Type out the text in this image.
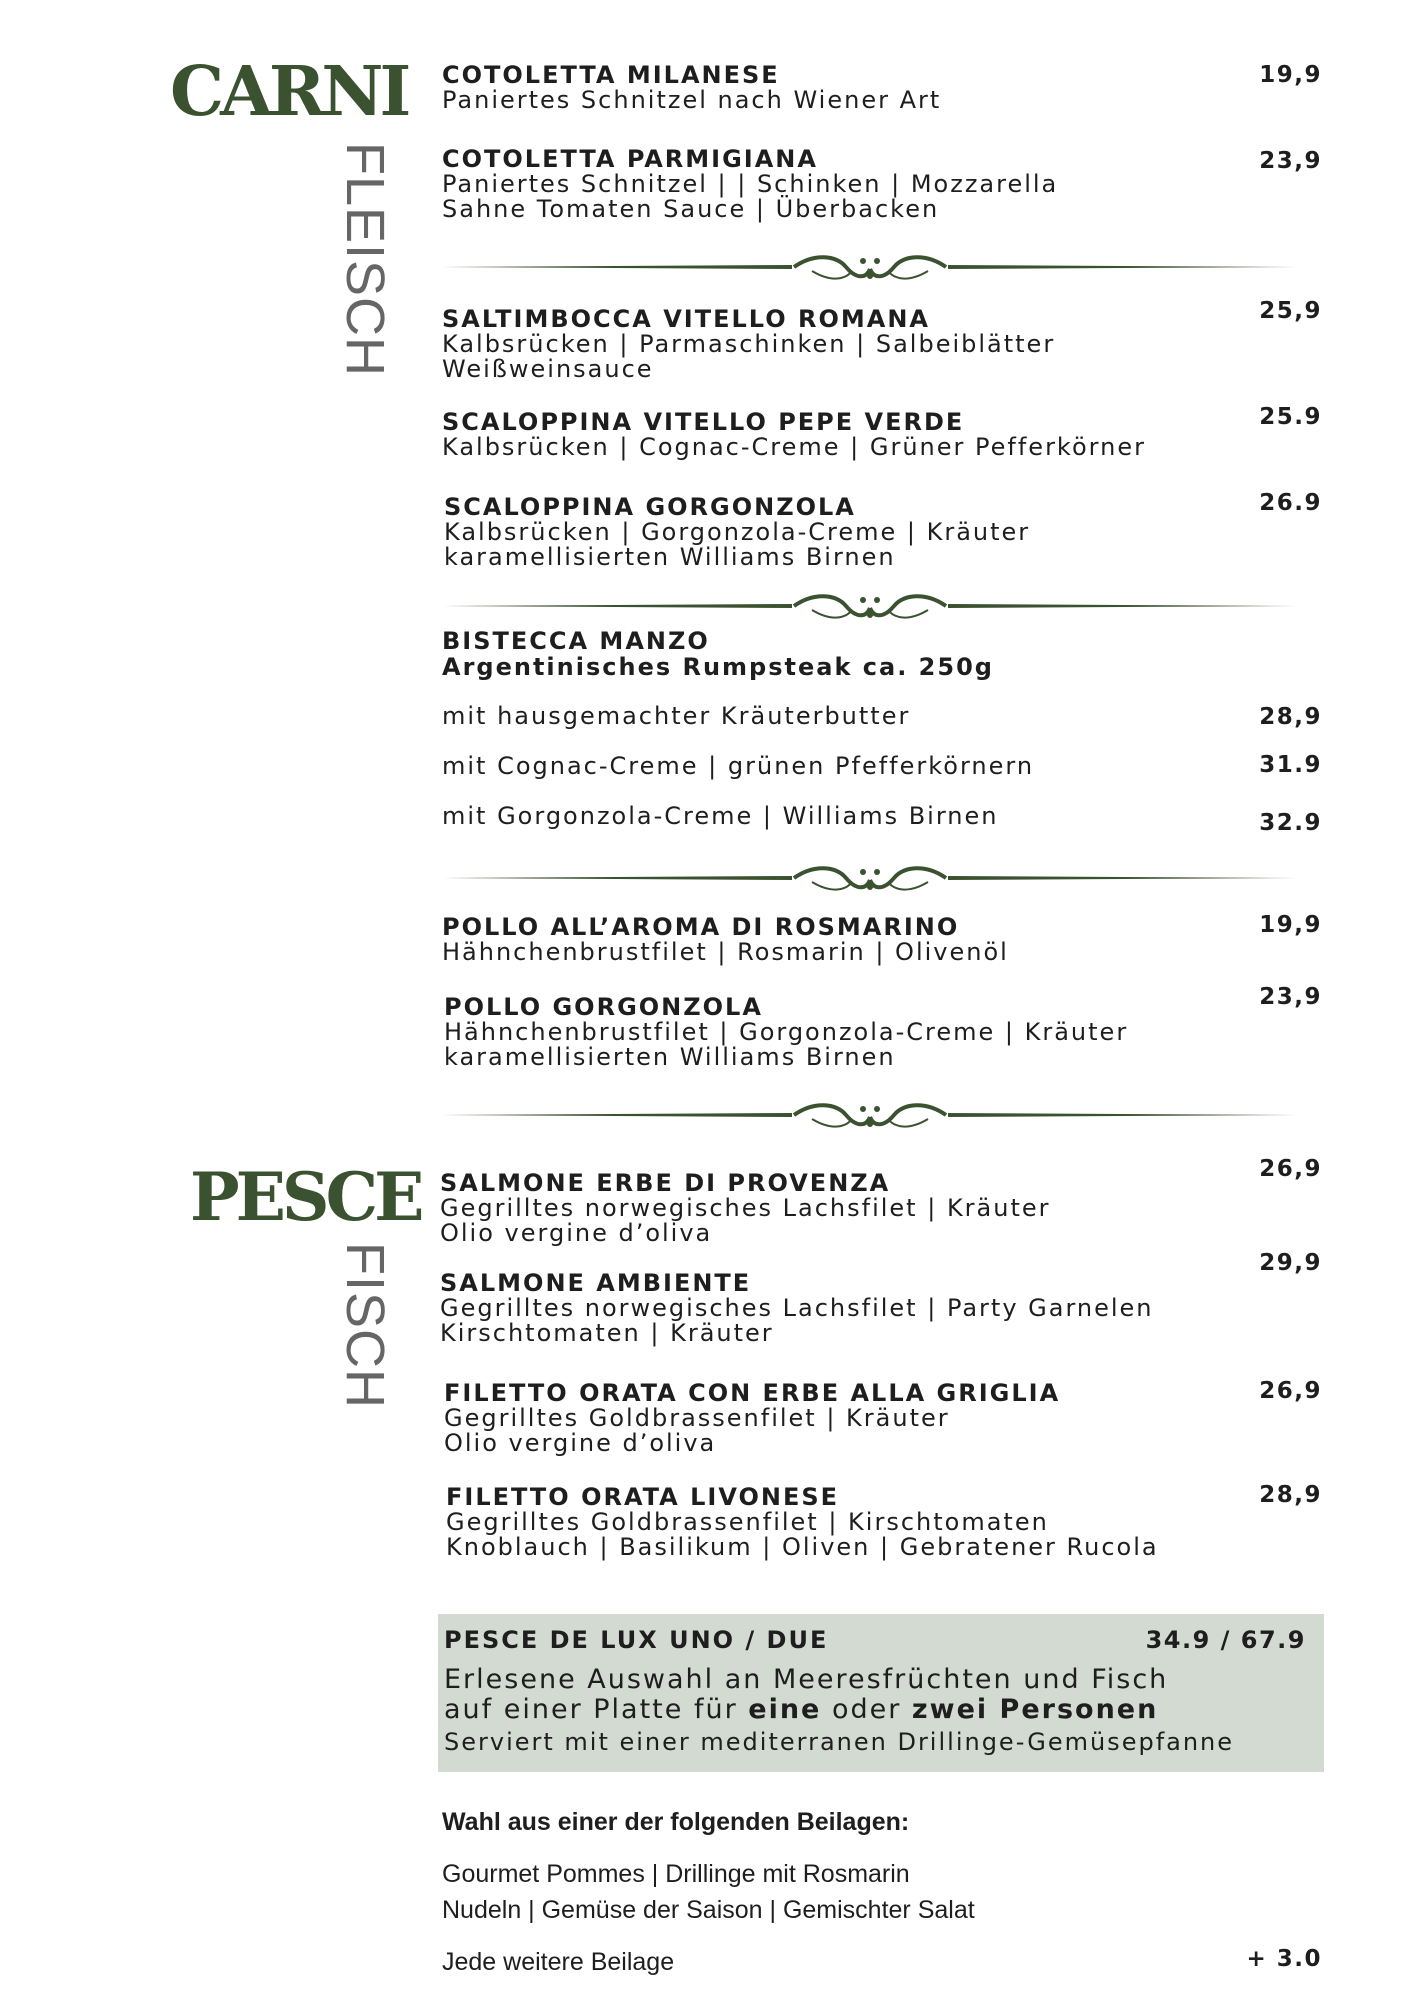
CARNI
FLEISCH
PESCE
FISCH
COTOLETTA MILANESE
Paniertes Schnitzel nach Wiener Art
19,9
COTOLETTA PARMIGIANA
Paniertes Schnitzel | | Schinken | Mozzarella
Sahne Tomaten Sauce | Überbacken
23,9
SALTIMBOCCA VITELLO ROMANA
Kalbsrücken | Parmaschinken | Salbeiblätter
Weißweinsauce
25,9
SCALOPPINA VITELLO PEPE VERDE
Kalbsrücken | Cognac-Creme | Grüner Pefferkörner
25.9
SCALOPPINA GORGONZOLA
Kalbsrücken | Gorgonzola-Creme | Kräuter
karamellisierten Williams Birnen
26.9
BISTECCA MANZO
Argentinisches Rumpsteak ca. 250g
mit hausgemachter Kräuterbutter	28,9
mit Cognac-Creme | grünen Pfefferkörnern	31.9
mit Gorgonzola-Creme | Williams Birnen	32.9
POLLO ALL’AROMA DI ROSMARINO
Hähnchenbrustfilet | Rosmarin | Olivenöl
19,9
POLLO GORGONZOLA
Hähnchenbrustfilet | Gorgonzola-Creme | Kräuter
karamellisierten Williams Birnen
23,9
SALMONE ERBE DI PROVENZA
Gegrilltes norwegisches Lachsfilet | Kräuter
Olio vergine d’oliva
26,9
SALMONE AMBIENTE
Gegrilltes norwegisches Lachsfilet | Party Garnelen
Kirschtomaten | Kräuter
29,9
FILETTO ORATA CON ERBE ALLA GRIGLIA
Gegrilltes Goldbrassenfilet | Kräuter
Olio vergine d’oliva
26,9
FILETTO ORATA LIVONESE
Gegrilltes Goldbrassenfilet | Kirschtomaten
Knoblauch | Basilikum | Oliven | Gebratener Rucola
28,9
PESCE DE LUX UNO / DUE	34.9 / 67.9
Erlesene Auswahl an Meeresfrüchten und Fisch
auf einer Platte für eine oder zwei Personen
Serviert mit einer mediterranen Drillinge-Gemüsepfanne
Wahl aus einer der folgenden Beilagen:
Gourmet Pommes | Drillinge mit Rosmarin
Nudeln | Gemüse der Saison | Gemischter Salat
Jede weitere Beilage	+ 3.0
